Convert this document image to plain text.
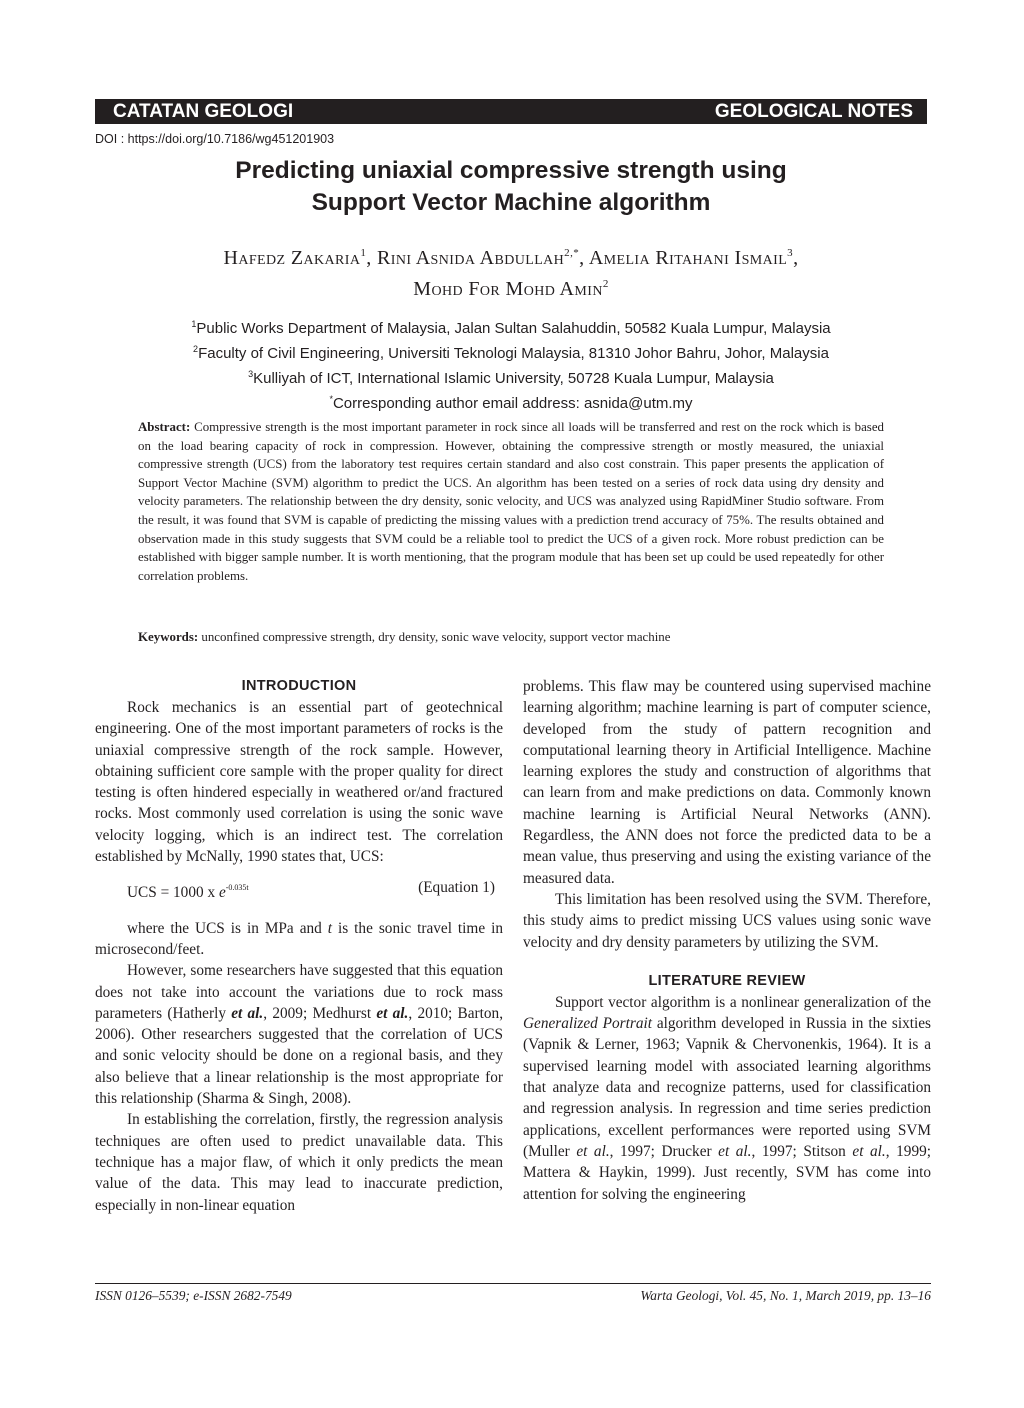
CATATAN GEOLOGI	GEOLOGICAL NOTES
DOI : https://doi.org/10.7186/wg451201903
Predicting uniaxial compressive strength using
Support Vector Machine algorithm
Hafedz Zakaria$^1$, Rini Asnida Abdullah$^{2,*}$, Amelia Ritahani Ismail$^3$,
Mohd For Mohd Amin$^2$
$^1$Public Works Department of Malaysia, Jalan Sultan Salahuddin, 50582 Kuala Lumpur, Malaysia
$^2$Faculty of Civil Engineering, Universiti Teknologi Malaysia, 81310 Johor Bahru, Johor, Malaysia
$^3$Kulliyah of ICT, International Islamic University, 50728 Kuala Lumpur, Malaysia
*Corresponding author email address: asnida@utm.my
Abstract: Compressive strength is the most important parameter in rock since all loads will be transferred and rest on the rock which is based on the load bearing capacity of rock in compression. However, obtaining the compressive strength or mostly measured, the uniaxial compressive strength (UCS) from the laboratory test requires certain standard and also cost constrain. This paper presents the application of Support Vector Machine (SVM) algorithm to predict the UCS. An algorithm has been tested on a series of rock data using dry density and velocity parameters. The relationship between the dry density, sonic velocity, and UCS was analyzed using RapidMiner Studio software. From the result, it was found that SVM is capable of predicting the missing values with a prediction trend accuracy of 75%. The results obtained and observation made in this study suggests that SVM could be a reliable tool to predict the UCS of a given rock. More robust prediction can be established with bigger sample number. It is worth mentioning, that the program module that has been set up could be used repeatedly for other correlation problems.
Keywords: unconfined compressive strength, dry density, sonic wave velocity, support vector machine
INTRODUCTION

Rock mechanics is an essential part of geotechnical engineering. One of the most important parameters of rocks is the uniaxial compressive strength of the rock sample. However, obtaining sufficient core sample with the proper quality for direct testing is often hindered especially in weathered or/and fractured rocks. Most commonly used correlation is using the sonic wave velocity logging, which is an indirect test. The correlation established by McNally, 1990 states that, UCS:

UCS = 1000 x $e^{-0.035t}$	(Equation 1)

where the UCS is in MPa and t is the sonic travel time in microsecond/feet.

However, some researchers have suggested that this equation does not take into account the variations due to rock mass parameters (Hatherly et al., 2009; Medhurst et al., 2010; Barton, 2006). Other researchers suggested that the correlation of UCS and sonic velocity should be done on a regional basis, and they also believe that a linear relationship is the most appropriate for this relationship (Sharma & Singh, 2008).

In establishing the correlation, firstly, the regression analysis techniques are often used to predict unavailable data. This technique has a major flaw, of which it only predicts the mean value of the data. This may lead to inaccurate prediction, especially in non-linear equation

problems. This flaw may be countered using supervised machine learning algorithm; machine learning is part of computer science, developed from the study of pattern recognition and computational learning theory in Artificial Intelligence. Machine learning explores the study and construction of algorithms that can learn from and make predictions on data. Commonly known machine learning is Artificial Neural Networks (ANN). Regardless, the ANN does not force the predicted data to be a mean value, thus preserving and using the existing variance of the measured data.

This limitation has been resolved using the SVM. Therefore, this study aims to predict missing UCS values using sonic wave velocity and dry density parameters by utilizing the SVM.

LITERATURE REVIEW

Support vector algorithm is a nonlinear generalization of the Generalized Portrait algorithm developed in Russia in the sixties (Vapnik & Lerner, 1963; Vapnik & Chervonenkis, 1964). It is a supervised learning model with associated learning algorithms that analyze data and recognize patterns, used for classification and regression analysis. In regression and time series prediction applications, excellent performances were reported using SVM (Muller et al., 1997; Drucker et al., 1997; Stitson et al., 1999; Mattera & Haykin, 1999). Just recently, SVM has come into attention for solving the engineering

ISSN 0126–5539; e-ISSN 2682-7549	Warta Geologi, Vol. 45, No. 1, March 2019, pp. 13–16
